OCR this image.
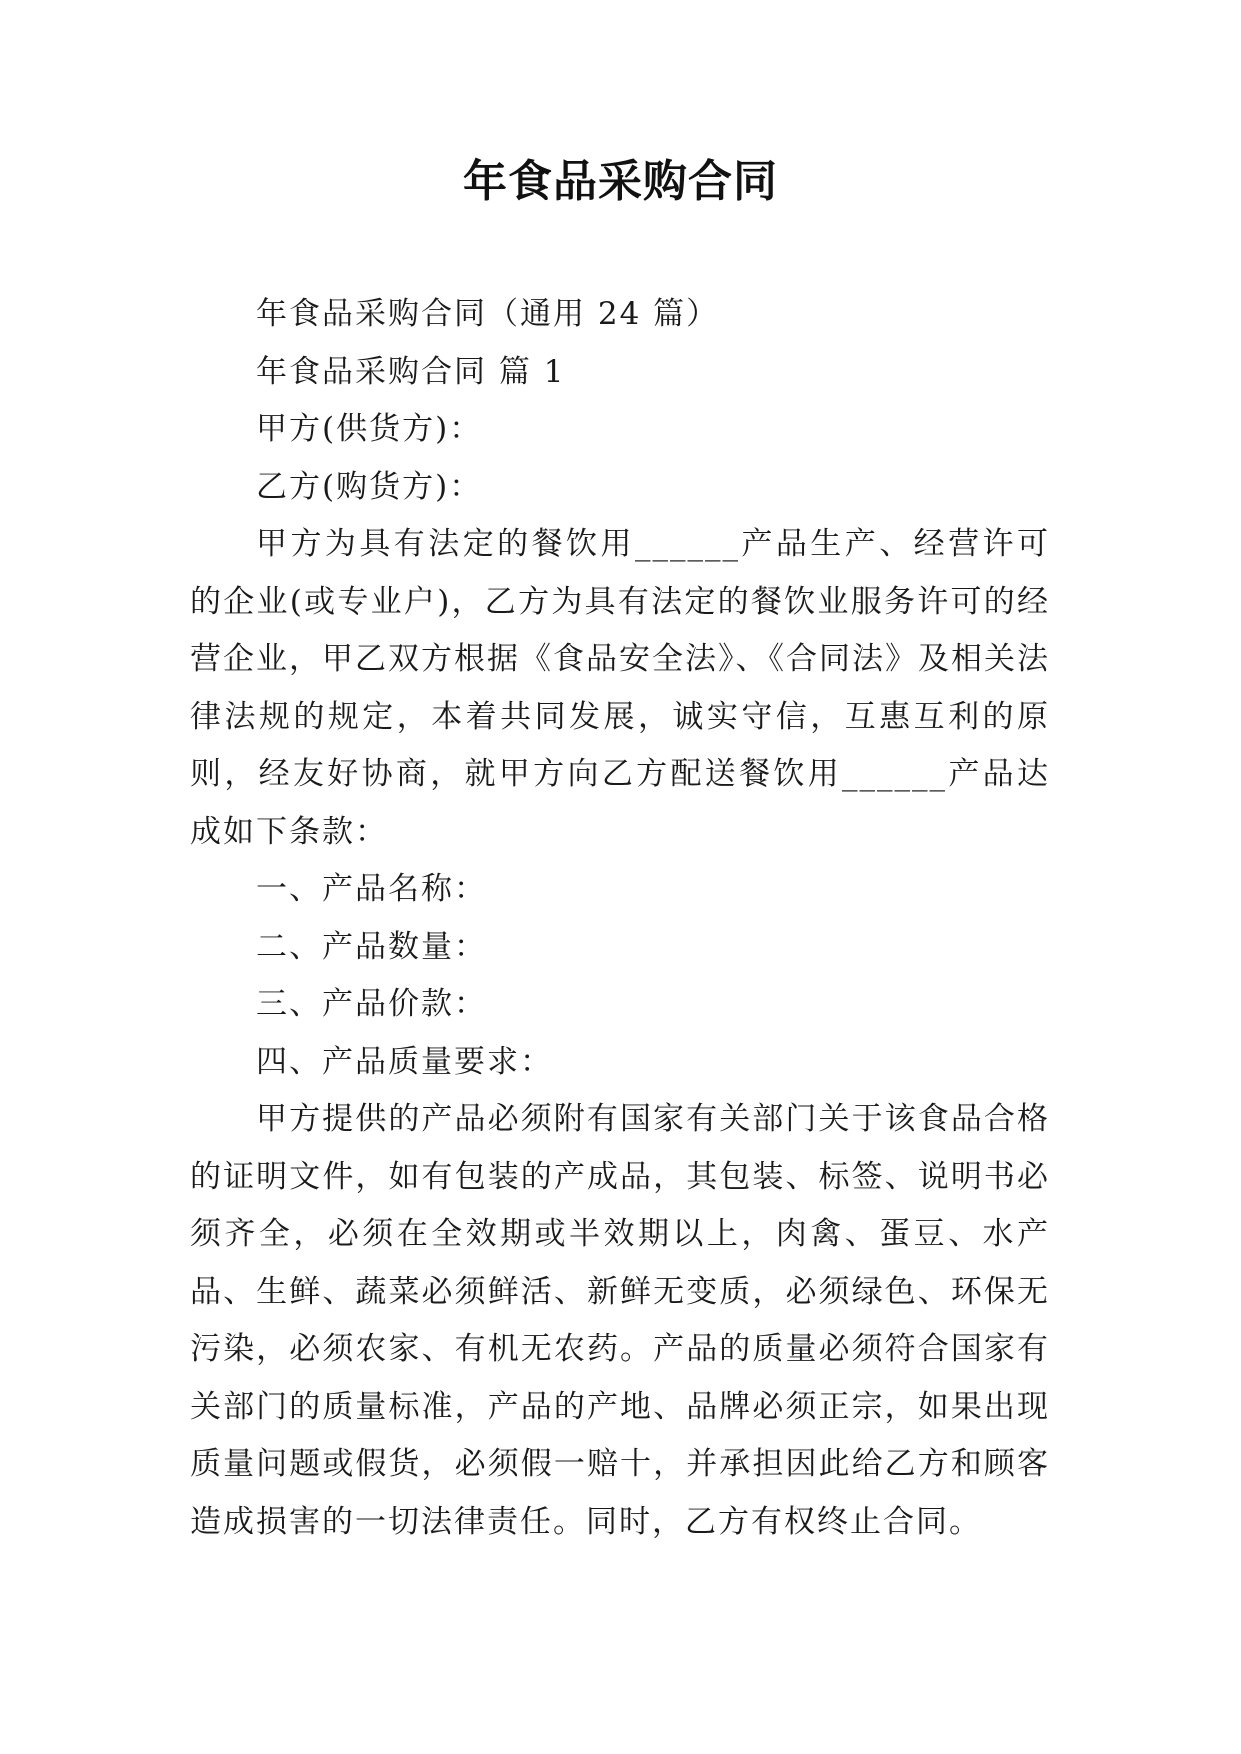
年食品采购合同

年食品采购合同（通用 24 篇）

年食品采购合同 篇 1

甲方(供货方)：

乙方(购货方)：

甲方为具有法定的餐饮用______产品生产、经营许可的企业(或专业户)，乙方为具有法定的餐饮业服务许可的经营企业，甲乙双方根据《食品安全法》、《合同法》及相关法律法规的规定，本着共同发展，诚实守信，互惠互利的原则，经友好协商，就甲方向乙方配送餐饮用______产品达成如下条款：

一、产品名称：

二、产品数量：

三、产品价款：

四、产品质量要求：

甲方提供的产品必须附有国家有关部门关于该食品合格的证明文件，如有包装的产成品，其包装、标签、说明书必须齐全，必须在全效期或半效期以上，肉禽、蛋豆、水产品、生鲜、蔬菜必须鲜活、新鲜无变质，必须绿色、环保无污染，必须农家、有机无农药。产品的质量必须符合国家有关部门的质量标准，产品的产地、品牌必须正宗，如果出现质量问题或假货，必须假一赔十，并承担因此给乙方和顾客造成损害的一切法律责任。同时，乙方有权终止合同。
